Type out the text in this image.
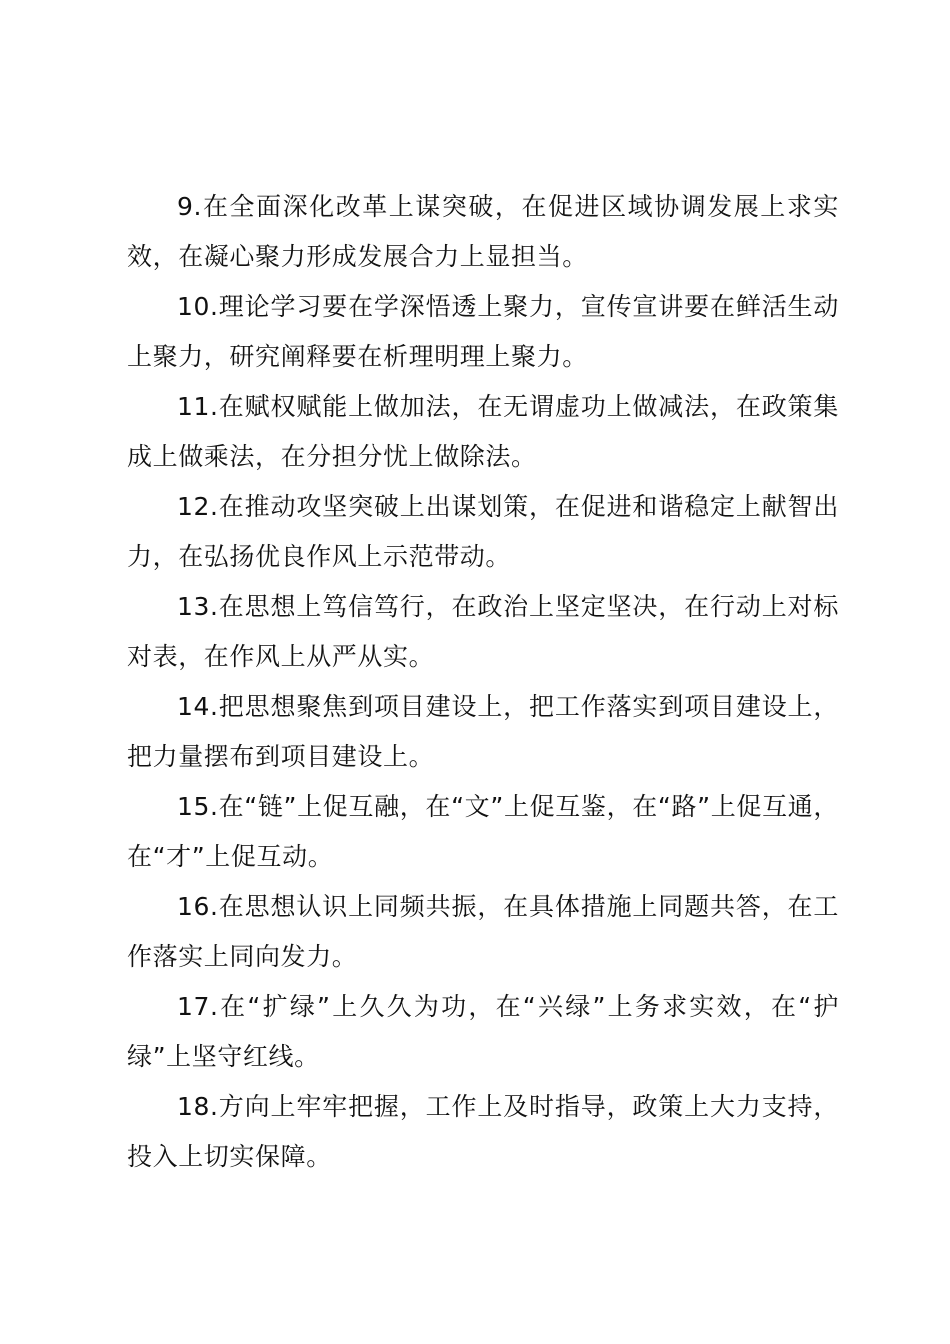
9.在全面深化改革上谋突破，在促进区域协调发展上求实效，在凝心聚力形成发展合力上显担当。

10.理论学习要在学深悟透上聚力，宣传宣讲要在鲜活生动上聚力，研究阐释要在析理明理上聚力。

11.在赋权赋能上做加法，在无谓虚功上做减法，在政策集成上做乘法，在分担分忧上做除法。

12.在推动攻坚突破上出谋划策，在促进和谐稳定上献智出力，在弘扬优良作风上示范带动。

13.在思想上笃信笃行，在政治上坚定坚决，在行动上对标对表，在作风上从严从实。

14.把思想聚焦到项目建设上，把工作落实到项目建设上，把力量摆布到项目建设上。

15.在“链”上促互融，在“文”上促互鉴，在“路”上促互通，在“才”上促互动。

16.在思想认识上同频共振，在具体措施上同题共答，在工作落实上同向发力。

17.在“扩绿”上久久为功，在“兴绿”上务求实效，在“护绿”上坚守红线。

18.方向上牢牢把握，工作上及时指导，政策上大力支持，投入上切实保障。
